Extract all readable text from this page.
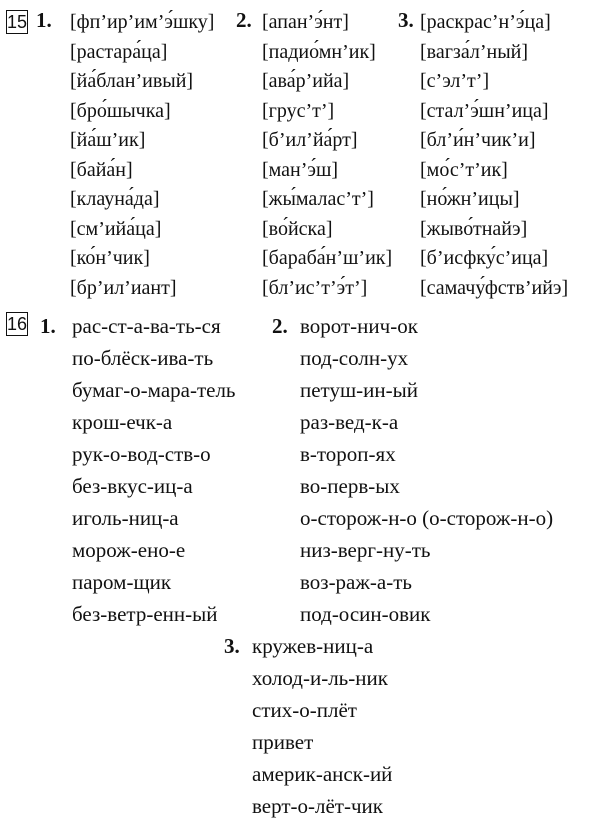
15 1. [фп’ир’им’э́шку]
[растара́ца]
[йа́блан’ивый]
[бро́шычка]
[йа́ш’ик]
[байа́н]
[клауна́да]
[см’ийа́ца]
[ко́н’чик]
[бр’ил’иант]
2. [апан’э́нт]
[падио́мн’ик]
[ава́р’ийа]
[грус’т’]
[б’ил’йа́рт]
[ман’э́ш]
[жы́малас’т’]
[во́йска]
[бараба́н’ш’ик]
[бл’ис’т’э́т’]
3. [раскрас’н’э́ца]
[вагза́л’ный]
[с’эл’т’]
[стал’э́шн’ица]
[бл’и́н’чик’и]
[мо́с’т’ик]
[но́жн’ицы]
[жыво́тнайэ]
[б’исфку́с’ица]
[самачу́фств’ийэ]
16 1. рас-ст-а-ва-ть-ся
по-блёск-ива-ть
бумаг-о-мара-тель
крош-ечк-а
рук-о-вод-ств-о
без-вкус-иц-а
иголь-ниц-а
морож-ено-е
паром-щик
без-ветр-енн-ый
2. ворот-нич-ок
под-солн-ух
петуш-ин-ый
раз-вед-к-а
в-тороп-ях
во-перв-ых
о-сторож-н-о (о-сторож-н-о)
низ-верг-ну-ть
воз-раж-а-ть
под-осин-овик
3. кружев-ниц-а
холод-и-ль-ник
стих-о-плёт
привет
америк-анск-ий
верт-о-лёт-чик
